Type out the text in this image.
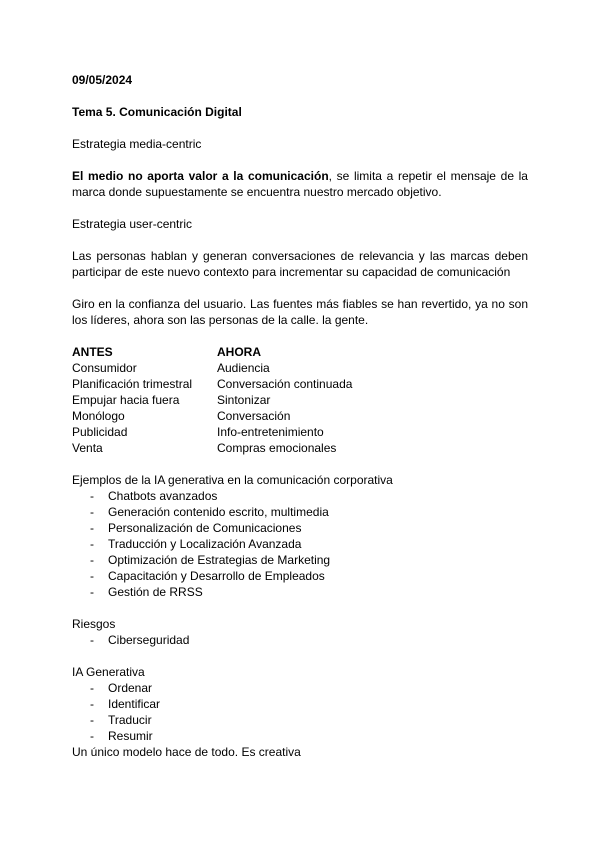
09/05/2024

Tema 5. Comunicación Digital

Estrategia media-centric

El medio no aporta valor a la comunicación, se limita a repetir el mensaje de la marca donde supuestamente se encuentra nuestro mercado objetivo.

Estrategia user-centric

Las personas hablan y generan conversaciones de relevancia y las marcas deben participar de este nuevo contexto para incrementar su capacidad de comunicación

Giro en la confianza del usuario. Las fuentes más fiables se han revertido, ya no son los líderes, ahora son las personas de la calle. la gente.

ANTES	AHORA
Consumidor	Audiencia
Planificación trimestral	Conversación continuada
Empujar hacia fuera	Sintonizar
Monólogo	Conversación
Publicidad	Info-entretenimiento
Venta	Compras emocionales

Ejemplos de la IA generativa en la comunicación corporativa

- Chatbots avanzados
- Generación contenido escrito, multimedia
- Personalización de Comunicaciones
- Traducción y Localización Avanzada
- Optimización de Estrategias de Marketing
- Capacitación y Desarrollo de Empleados
- Gestión de RRSS

Riesgos

- Ciberseguridad

IA Generativa

- Ordenar
- Identificar
- Traducir
- Resumir

Un único modelo hace de todo. Es creativa
